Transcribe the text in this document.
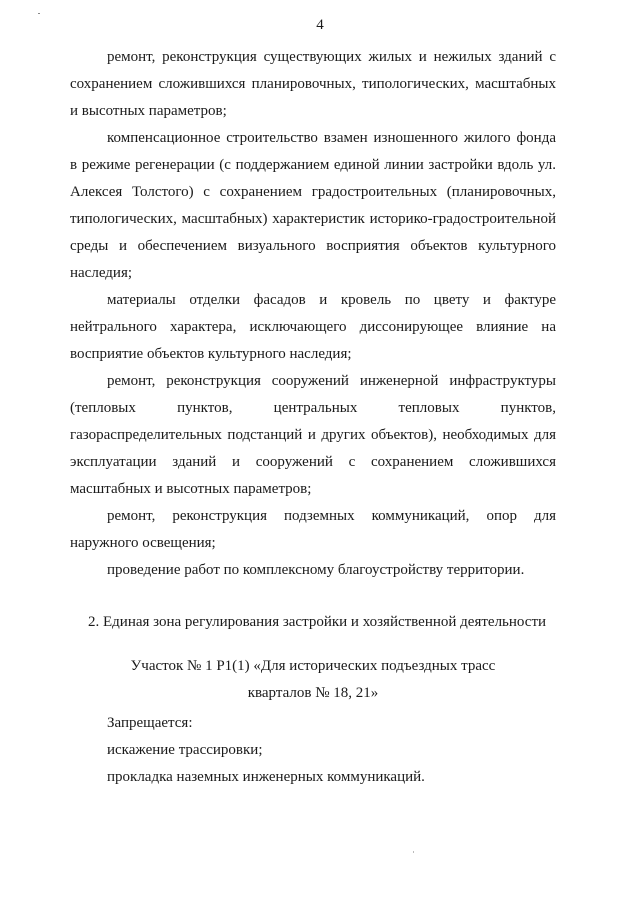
4

ремонт, реконструкция существующих жилых и нежилых зданий с сохранением сложившихся планировочных, типологических, масштабных и высотных параметров;

компенсационное строительство взамен изношенного жилого фонда в режиме регенерации (с поддержанием единой линии застройки вдоль ул. Алексея Толстого) с сохранением градостроительных (планировочных, типологических, масштабных) характеристик историко-градостроительной среды и обеспечением визуального восприятия объектов культурного наследия;

материалы отделки фасадов и кровель по цвету и фактуре нейтрального характера, исключающего диссонирующее влияние на восприятие объектов культурного наследия;

ремонт, реконструкция сооружений инженерной инфраструктуры (тепловых пунктов, центральных тепловых пунктов, газораспределительных подстанций и других объектов), необходимых для эксплуатации зданий и сооружений с сохранением сложившихся масштабных и высотных параметров;

ремонт, реконструкция подземных коммуникаций, опор для наружного освещения;

проведение работ по комплексному благоустройству территории.

2. Единая зона регулирования застройки и хозяйственной деятельности

Участок № 1 Р1(1) «Для исторических подъездных трасс
кварталов № 18, 21»

Запрещается:

искажение трассировки;

прокладка наземных инженерных коммуникаций.
